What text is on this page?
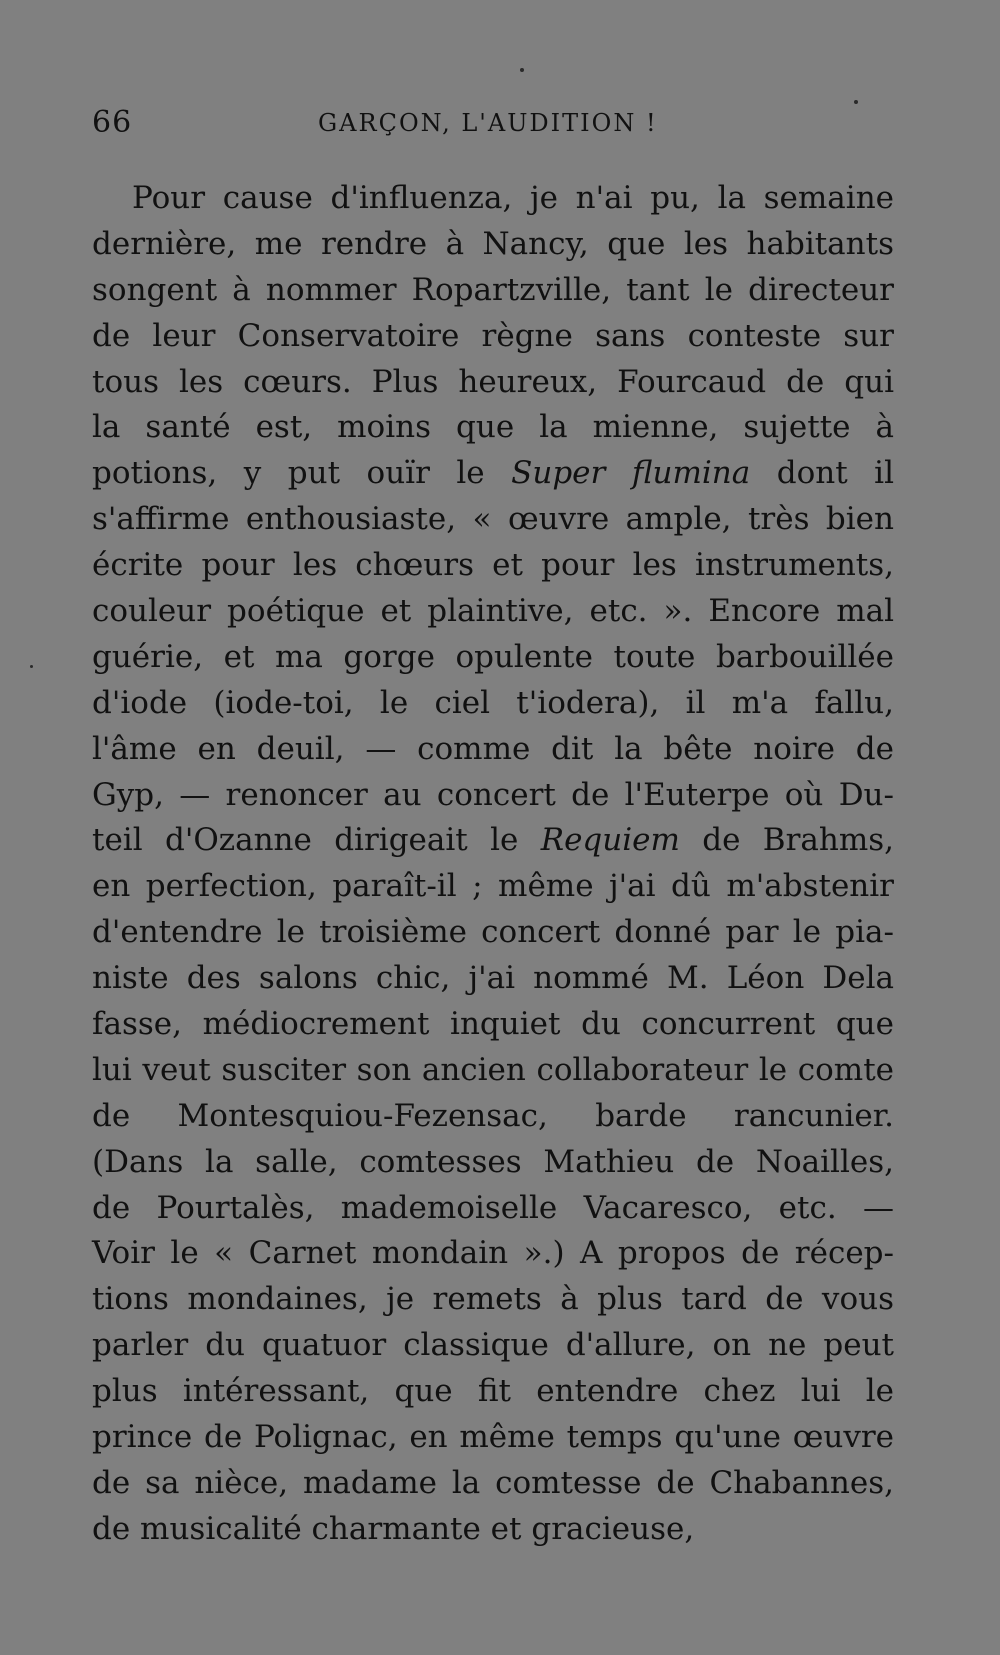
66	GARÇON, L'AUDITION !
Pour cause d'influenza, je n'ai pu, la semaine
dernière, me rendre à Nancy, que les habitants
songent à nommer Ropartzville, tant le directeur
de leur Conservatoire règne sans conteste sur
tous les cœurs. Plus heureux, Fourcaud de qui
la santé est, moins que la mienne, sujette à
potions, y put ouïr le Super flumina dont il
s'affirme enthousiaste, « œuvre ample, très bien
écrite pour les chœurs et pour les instruments,
couleur poétique et plaintive, etc. ». Encore mal
guérie, et ma gorge opulente toute barbouillée
d'iode (iode-toi, le ciel t'iodera), il m'a fallu,
l'âme en deuil, — comme dit la bête noire de
Gyp, — renoncer au concert de l'Euterpe où Du-
teil d'Ozanne dirigeait le Requiem de Brahms,
en perfection, paraît-il ; même j'ai dû m'abstenir
d'entendre le troisième concert donné par le pia-
niste des salons chic, j'ai nommé M. Léon Dela
fasse, médiocrement inquiet du concurrent que
lui veut susciter son ancien collaborateur le comte
de Montesquiou-Fezensac, barde rancunier.
(Dans la salle, comtesses Mathieu de Noailles,
de Pourtalès, mademoiselle Vacaresco, etc. —
Voir le « Carnet mondain ».) A propos de récep-
tions mondaines, je remets à plus tard de vous
parler du quatuor classique d'allure, on ne peut
plus intéressant, que fit entendre chez lui le
prince de Polignac, en même temps qu'une œuvre
de sa nièce, madame la comtesse de Chabannes,
de musicalité charmante et gracieuse,
